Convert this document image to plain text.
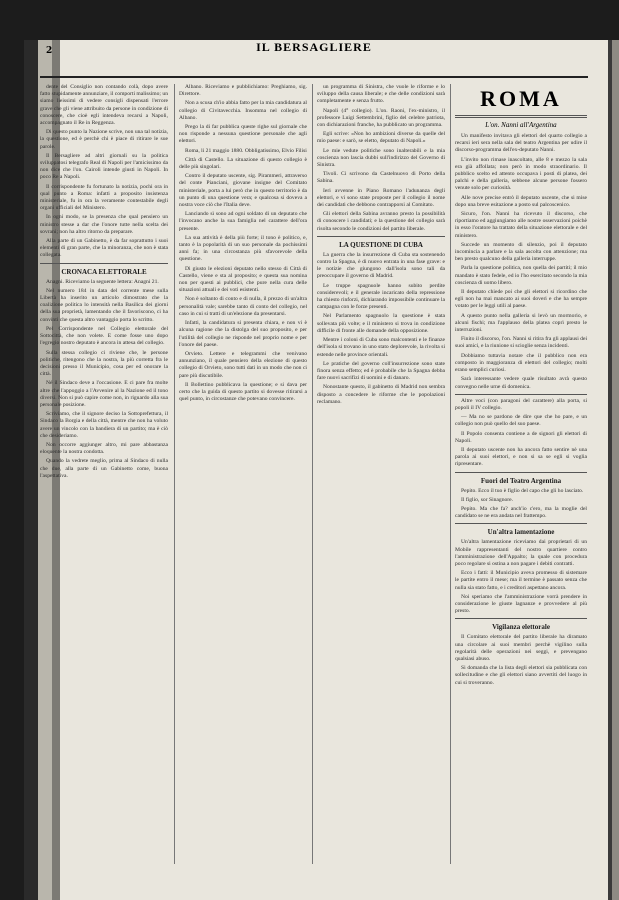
2	IL BERSAGLIERE

dente del Consiglio non contando colà, dopo avere fatto stupidamente annunziare, il comporti malissimo; un siamo lieissimi di vedere consigli dispensati l'errore grave che gli viene attribuito da persone in condizione di conoscere, che cioè egli intendeva recarsi a Napoli, accompagnato il Re in Reggenza.

Di questo punto la Nazione scrive, non una tal notizia, la questione, ed è perchè chi è piace di ritirare le sue parole.

Il Bersagliere ad altri giornali su la politica sviluppatosi telegrafo Real di Napoli per l'amicissimo da non dice che l'on. Cairoli intende giusti in Napoli. In poco Re a Napoli.

Il corrispondente fu fortunato la notizia, pochi ora in qual punto a Roma: infatti a proposito insistenza ministeriale, fu in ora la veramente contestabile degli organi ufficiali del Ministero.

In ogni modo, se la presenza che qual pensiero un ministro stesse a dar che l'onore tutte nella scelta dei sovrani; non ha altro ritorno da preparare.

Alla parte di un Gabinetto, è da far soprattutto i suoi elementi di gran parte, che la minoranza, che non è stata collegata.

CRONACA ELETTORALE

Anagni. Riceviamo la seguente lettera: Anagni 21.

Nel numero 184 in data del corrente mese sulla Libertà ha inserito un articolo dimostrato che la coalizione politica lo intensità nella Basilica dei giorni della sua proprietà, lamentando che il favoriscono, ci ha convinti che questa altro vantaggio porta lo scritto.

Pel Corrispondente nel Collegio elettorale del Sottocittà, che non volete. E come fosse uno dopo l'egregio nostro deputato è ancora in attesa del collegio.

Sulla stessa collegio ci riviene che, le persone politiche, ritengono che la nostra, la più corretta fra le decisioni presso il Municipio, cosa per ed onorare la città.

Né il Sindaco deve a l'occasione. E ci pare fra molte altre che l'appoggio a l'Avvenire al la Nazione ed il tono diversi. Non si può capire come non, in riguardo alla sua personale posizione.

Scriviamo, che il signore deciso la Sottoprefettura, il Sindaco la Borgia e della città, mentre che non ha voluto avere un vincolo con la bandiera di un partito; ma è ciò che desideriamo.

Non occorre aggiunger altro, mi pare abbastanza eloquente la nostra condotta.

Quando la vedrete meglio, prima al Sindaco di nulla che due, alla parte di un Gabinetto come, buona l'aspettativa.

Albano. Riceviamo e pubblichiamo: Preghiamo, sig. Direttore.

Non a scusa ch'io abbia fatto per la mia candidatura al collegio di Civitavecchia. Insomma nel collegio di Albano.

Prego la di far pubblica queste righe sul giornale che non risponde a nessuna questione personale che agli elettori.

Roma, li 21 maggio 1880. Obbligatissimo, Elvio Filisi

Città di Castello. La situazione di questo collegio è delle più singolari.

Contro il deputato uscente, sig. Pirammeri, attraverso del conte Pianciani, giovane insigne del Comitato ministeriale, porta a lui però che in questo territorio è da un punto di una questione vera; e qualcosa si doveva a nostra voce ciò che l'Italia deve.

Lanciando sì sono ad ogni soldato di un deputato che l'invocano anche la sua famiglia nel carattere dell'ora presente.

La sua attività è della più forte; il tono è politico, e, tanto è la popolarità di un suo personale da pochissimi anni fa; in una circostanza più sfavorevole della questione.

Di giusto le elezioni deputato nello stesso di Città di Castello, viene e sta al proposito; e questa sua nomina non per questi ai pubblici, che pure nella cura delle situazioni attuali e dei voti esistenti.

Non è soltanto di conto e di nulla, il prezzo di un'altra personalità vale; sarebbe tanto di conto del collegio, nel caso in cui si tratti di un'elezione da presentarsi.

Infatti, la candidatura si presenta chiara, e non vi è alcuna ragione che la distolga del suo proposito, e per l'utilità del collegio ne risponde nel proprio nome e per l'onore del paese.

Orvieto. Lettere e telegrammi che venivano annunziano, il quale pensiero della elezione di questo collegio di Orvieto, sono tutti dati in un modo che non ci pare più discutibile.

Il Bollettino pubblicava la questione; e si dava per certo che la guida di questo partito si dovesse ritirarsi a quel punto, in circostanze che potevano convincere.

un programma di Sinistra, che vuole le riforme e lo sviluppo della causa liberale; e che delle condizioni sarà completamente e senza frutto.

Napoli (4° collegio). L'on. Raoni, l'ex-ministro, il professore Luigi Settembrini, figlio del celebre patriota, con dichiarazioni franche, ha pubblicato un programma.

Egli scrive: «Non ho ambizioni diverse da quelle del mio paese: e sarò, se eletto, deputato di Napoli.»

Le mie vedute politiche sono inalterabili e la mia coscienza non lascia dubbi sull'indirizzo del Governo di Sinistra.

Tivoli. Ci scrivono da Castelnuovo di Porto della Sabina.

Ieri avvenne in Piano Romano l'adunanza degli elettori, e vi sono state proposte per il collegio il nome dei candidati che debbono contrapporsi al Comitato.

Gli elettori della Sabina avranno presto la possibilità di conoscere i candidati; e la questione del collegio sarà risolta secondo le condizioni del partito liberale.

LA QUESTIONE DI CUBA

La guerra che la insurrezione di Cuba sta sostenendo contro la Spagna, è di nuovo entrata in una fase grave: e le notizie che giungono dall'isola sono tali da preoccupare il governo di Madrid.

Le truppe spagnuole hanno subito perdite considerevoli; e il generale incaricato della repressione ha chiesto rinforzi, dichiarando impossibile continuare la campagna con le forze presenti.

Nel Parlamento spagnuolo la questione è stata sollevata più volte; e il ministero si trova in condizione difficile di fronte alle domande della opposizione.

Mentre i coloni di Cuba sono malcontenti e le finanze dell'isola si trovano in uno stato deplorevole, la rivolta si estende nelle province orientali.

Le pratiche del governo coll'insurrezione sono state finora senza effetto; ed è probabile che la Spagna debba fare nuovi sacrifizi di uomini e di danaro.

Nonostante questo, il gabinetto di Madrid non sembra disposto a concedere le riforme che le popolazioni reclamano.

ROMA
L'on. Nanni all'Argentina

Un manifesto invitava gli elettori del quarto collegio a recarsi ieri sera nella sala del teatro Argentina per udire il discorso-programma dell'ex-deputato Nanni.

L'invito non rimase inascoltato, alle 8 e mezzo la sala era già affollata; non però in modo straordinario. Il pubblico scelto ed attento occupava i posti di platea, dei palchi e della galleria, sebbene alcune persone fossero venute solo per curiosità.

Alle nove precise entrò il deputato uscente, che si mise dopo una breve esitazione a posto sul palcoscenico.

Sicuro, l'on. Nanni ha ricevuto il discorso, che riportiamo ed aggiungiamo alle nostre osservazioni poichè in esso l'oratore ha trattato della situazione elettorale e del ministero.

Succede un momento di silenzio, poi il deputato incomincia a parlare e la sala ascolta con attenzione; ma ben presto qualcuno della galleria interruppe.

Parla la questione politica, non quella dei partiti; il mio mandato è stato fedele, ed io l'ho esercitato secondo la mia coscienza di uomo libero.

Il deputato chiede poi che gli elettori si ricordino che egli non ha mai mancato ai suoi doveri e che ha sempre votato per le leggi utili al paese.

A questo punto nella galleria si levò un mormorio, e alcuni fischi; ma l'applauso della platea coprì presto le interruzioni.

Finito il discorso, l'on. Nanni si ritira fra gli applausi dei suoi amici, e la riunione si scioglie senza incidenti.

Dobbiamo tuttavia notare che il pubblico non era composto in maggioranza di elettori del collegio; molti erano semplici curiosi.

Sarà interessante vedere quale risultato avrà questo convegno nelle urne di domenica.

Altre voci (con paragoni del carattere) alla porta, si popoli il IV collegio.

— Ma no se pardono de dire que che ho pare, e un collegio non può quello del suo paese.

Il Popolo consenta contiene a de signori gli elettori di Napoli.

Il deputato uscente non ha ancora fatto sentire nè una parola ai suoi elettori, e non si sa se egli si voglia ripresentare.

Fuori del Teatro Argentina

Pepito. Ecco il tuo è figlio del capo che gli ho lasciato.

Il figlio, sor Sinagnore.

Pepito. Ma che fa? anch'io c'ero, ma la moglie del candidato se ne era andata nel frattempo.

Un'altra lamentazione

Un'altra lamentazione riceviamo dai proprietari di un Mobile rappresentanti del nostro quartiere contro l'amministrazione dell'Appalto; la quale con procedura poco regolare si ostina a non pagare i debiti contratti.

Ecco i fatti: il Municipio aveva promesso di sistemare le partite entro il mese; ma il termine è passato senza che nulla sia stato fatto, e i creditori aspettano ancora.

Noi speriamo che l'amministrazione vorrà prendere in considerazione le giuste lagnanze e provvedere al più presto.

Vigilanza elettorale

Il Comitato elettorale del partito liberale ha diramato una circolare ai suoi membri perchè vigilino sulla regolarità delle operazioni nei seggi, e prevengano qualsiasi abuso.

Si domanda che la lista degli elettori sia pubblicata con sollecitudine e che gli elettori siano avvertiti del luogo in cui si troveranno.
